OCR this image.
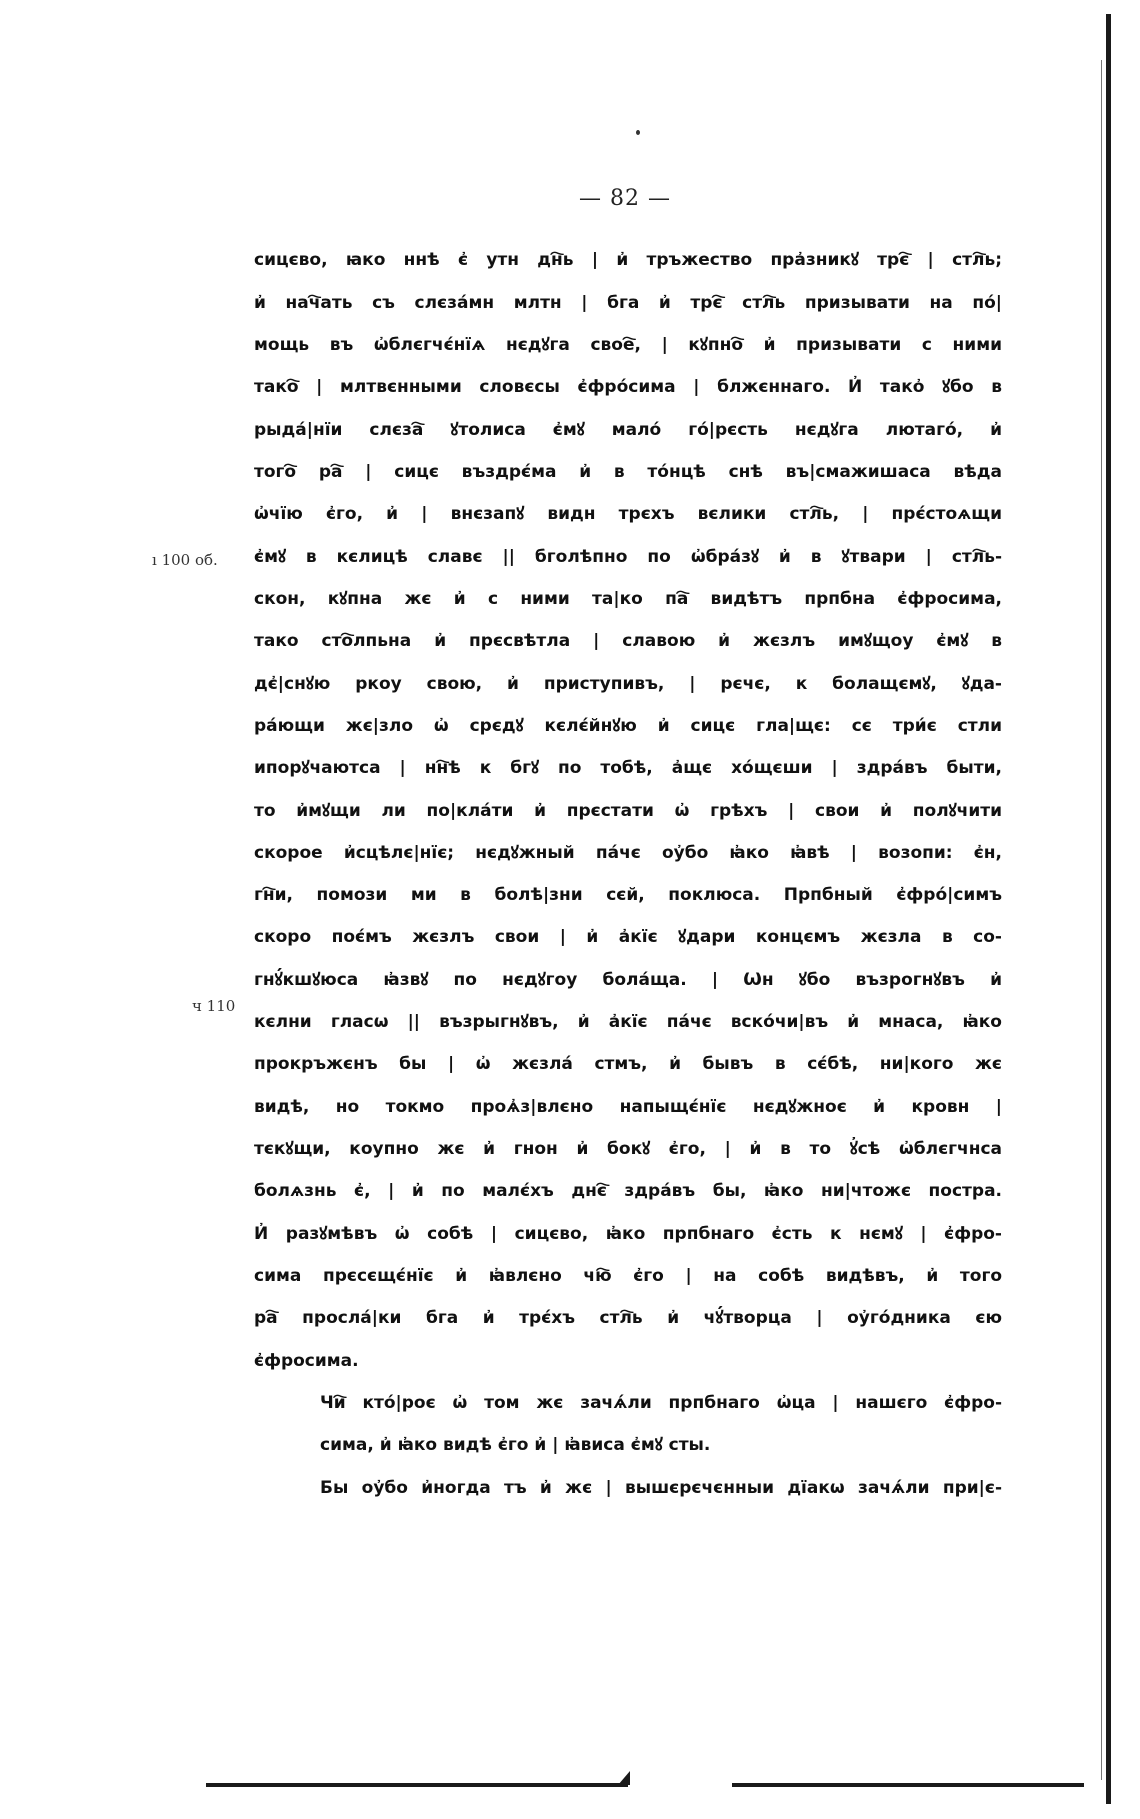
— 82 —
ı 100 об.
ч 110
сицєво, ꙗко ннѣ є҆ утн дн҇ь | и҆ тръжество пра҆зникꙋ трє҇ | стл҇ь;
и҆ нач҇ать съ слєза́мн млтн | бга и҆ трє҇ стл҇ь призывати на по́|
мощь въ ѡ҆блєгчє́нїѧ нєдꙋга свое҇, | кꙋпно҇ и҆ призывати с ними
тако҇ | млтвєнными словєсы є҆фро́сима | блжєннаго. И҆ тако҆ ꙋбо в
рыда́|нїи слєза҇ ꙋтолиса є҆мꙋ мало́ го́|рєсть нєдꙋга лютаго́, и҆
того҇ ра҇ | сицє въздрє́ма и҆ в то́нцѣ снѣ въ|смажишаса вѣда
ѡ҆чїю є҆го, и҆ | внєзапꙋ видн трєхъ вєлики стл҇ь, | прє́стоѧщи
є҆мꙋ в кєлицѣ славє || бголѣпно по ѡ҆бра́зꙋ и҆ в ꙋтвари | стл҇ь-
скон, кꙋпна жє и҆ с ними та|ко па҇ видѣтъ прпбна є҆фросима,
тако сто҇лпьна и҆ прєсвѣтла | славою и҆ жєзлъ имꙋщоу є҆мꙋ в
дє҆|снꙋю ркоу свою, и҆ приступивъ, | рєчє, к болащємꙋ, ꙋда-
ра́ющи жє|зло ѡ҆ срєдꙋ кєлє́йнꙋю и҆ сицє гла|щє: сє три́є стли
ипорꙋчаютса | нн҇ѣ к бгꙋ по тобѣ, а҆щє хо́щєши | здра́въ быти,
то и҆мꙋщи ли по|кла́ти и҆ прєстати ѡ҆ грѣхъ | свои и҆ полꙋчити
скорое и҆сцѣлє|нїє; нєдꙋжный па́чє оу҆бо ꙗ҆ко ꙗ҆вѣ | возопи: є҆н,
гн҇и, помози ми в болѣ|зни сєй, поклюса. Прпбный є҆фро́|симъ
скоро поє́мъ жєзлъ свои | и҆ а҆кїє ꙋдари концємъ жєзла в со-
гнꙋ́кшꙋюса ꙗ҆звꙋ по нєдꙋгоу бола́ща. | Ѡн ꙋбо възрогнꙋвъ и҆
кєлни гласѡ || възрыгнꙋвъ, и҆ а҆кїє па́чє вско́чи|въ и҆ мнаса, ꙗ҆ко
прокръжєнъ бы | ѡ҆ жєзла́ стмъ, и҆ бывъ в сє́бѣ, ни|кого жє
видѣ, но токмо проѧ҆з|влєно напыщє́нїє нєдꙋжноє и҆ кровн |
тєкꙋщи, коупно жє и҆ гнон и҆ бокꙋ є҆го, | и҆ в то ꙋ҆сѣ ѡ҆блєгчнса
болѧзнь є҆, | и҆ по малє́хъ днє҇ здра́въ бы, ꙗ҆ко ни|чтожє постра.
И҆ разꙋмѣвъ ѡ҆ собѣ | сицєво, ꙗ҆ко прпбнаго є҆сть к нємꙋ | є҆фро-
сима прєсєщє́нїє и҆ ꙗ҆влєно чю҇ є҆го | на собѣ видѣвъ, и҆ того
ра҇ просла́|ки бга и҆ трє́хъ стл҇ь и҆ чꙋ́творца | оу҆го́дника єю
є҆фросима.
Чи҇ кто́|роє ѡ҆ том жє зачѧ́ли прпбнаго ѡ҆ца | нашєго є҆фро-
сима, и҆ ꙗ҆ко видѣ є҆го и҆ | ꙗ҆виса є҆мꙋ сты.
Бы оу҆бо и҆ногда тъ и҆ жє | вышєрєчєнныи дїакѡ зачѧ́ли при|є-
